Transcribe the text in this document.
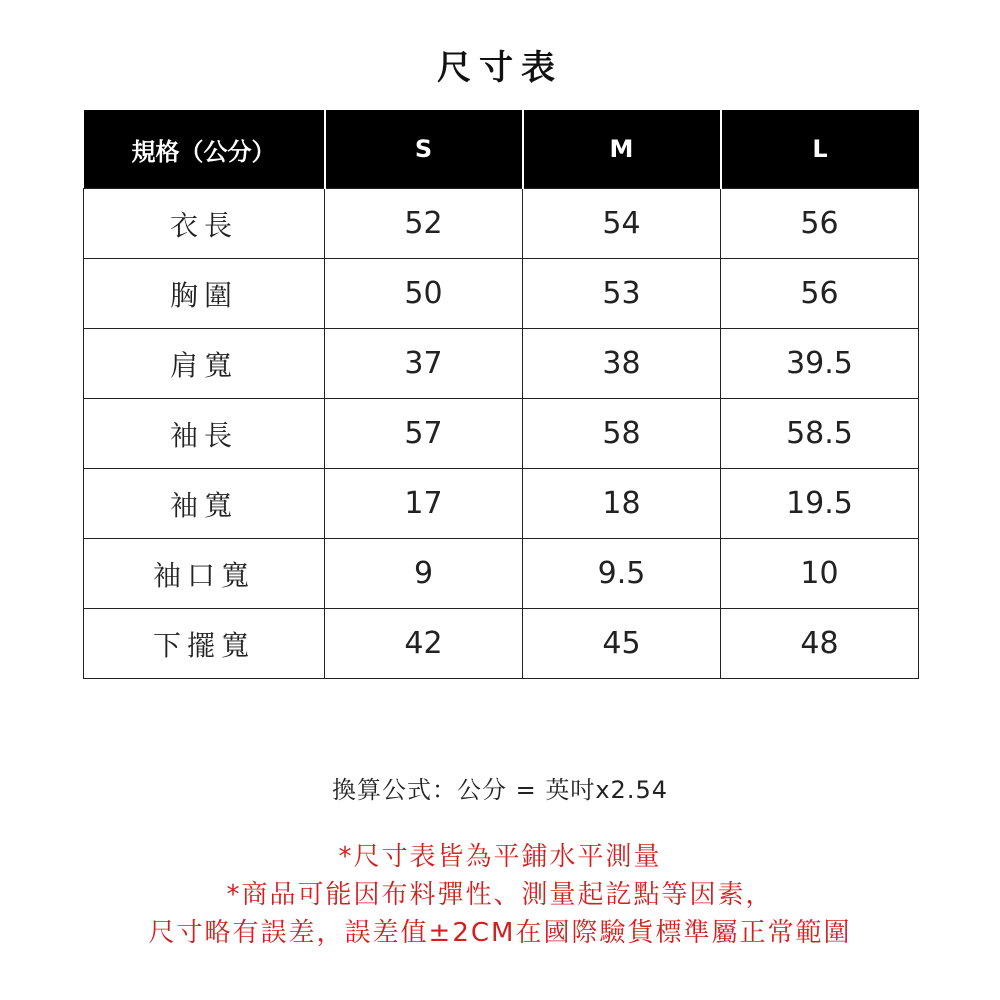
尺寸表
規格（公分）	S	M	L
衣長	52	54	56
胸圍	50	53	56
肩寬	37	38	39.5
袖長	57	58	58.5
袖寬	17	18	19.5
袖口寬	9	9.5	10
下擺寬	42	45	48
換算公式：公分 = 英吋x2.54
*尺寸表皆為平鋪水平測量
*商品可能因布料彈性、測量起訖點等因素，
尺寸略有誤差，誤差值±2CM在國際驗貨標準屬正常範圍
